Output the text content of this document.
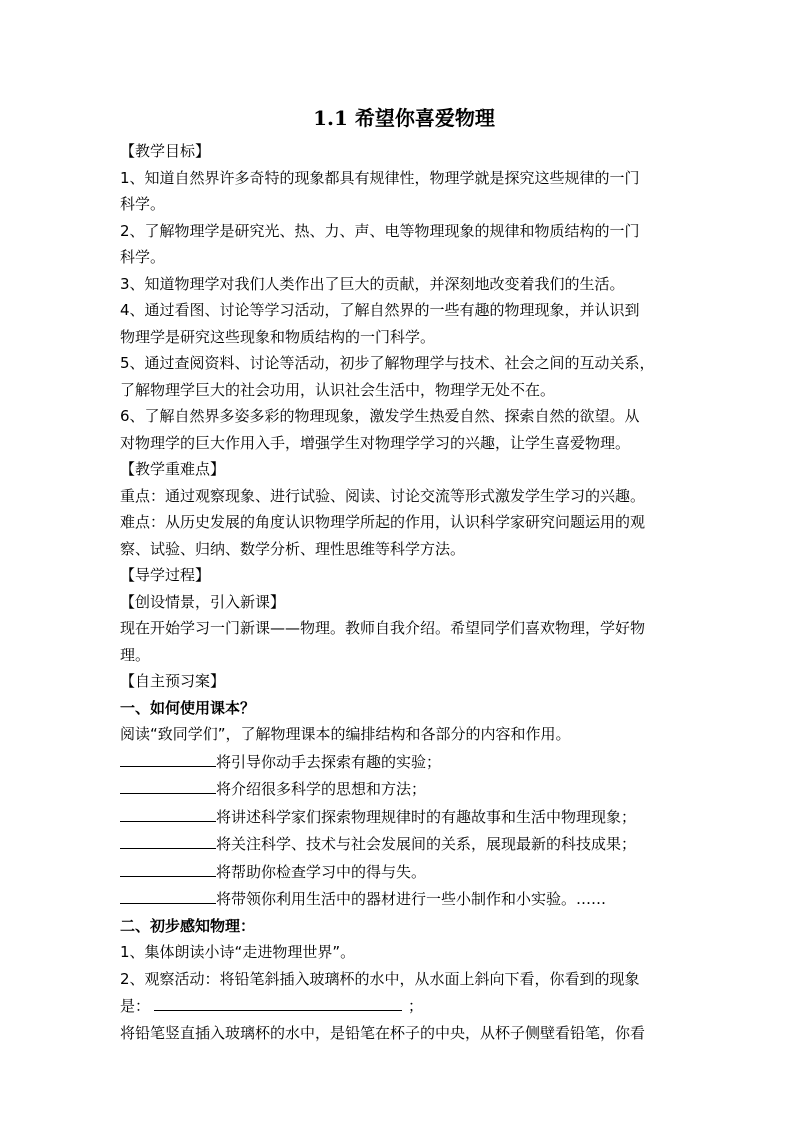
1.1 希望你喜爱物理

【教学目标】

1、知道自然界许多奇特的现象都具有规律性，物理学就是探究这些规律的一门

科学。

2、了解物理学是研究光、热、力、声、电等物理现象的规律和物质结构的一门

科学。

3、知道物理学对我们人类作出了巨大的贡献，并深刻地改变着我们的生活。

4、通过看图、讨论等学习活动，了解自然界的一些有趣的物理现象，并认识到

物理学是研究这些现象和物质结构的一门科学。

5、通过查阅资料、讨论等活动，初步了解物理学与技术、社会之间的互动关系，

了解物理学巨大的社会功用，认识社会生活中，物理学无处不在。

6、了解自然界多姿多彩的物理现象，激发学生热爱自然、探索自然的欲望。从

对物理学的巨大作用入手，增强学生对物理学学习的兴趣，让学生喜爱物理。

【教学重难点】

重点：通过观察现象、进行试验、阅读、讨论交流等形式激发学生学习的兴趣。

难点：从历史发展的角度认识物理学所起的作用，认识科学家研究问题运用的观

察、试验、归纳、数学分析、理性思维等科学方法。

【导学过程】

【创设情景，引入新课】

现在开始学习一门新课——物理。教师自我介绍。希望同学们喜欢物理，学好物

理。

【自主预习案】

一、如何使用课本？

阅读“致同学们”，了解物理课本的编排结构和各部分的内容和作用。

将引导你动手去探索有趣的实验；

将介绍很多科学的思想和方法；

将讲述科学家们探索物理规律时的有趣故事和生活中物理现象；

将关注科学、技术与社会发展间的关系，展现最新的科技成果；

将帮助你检查学习中的得与失。

将带领你利用生活中的器材进行一些小制作和小实验。……

二、初步感知物理：

1、集体朗读小诗“走进物理世界”。

2、观察活动：将铅笔斜插入玻璃杯的水中，从水面上斜向下看，你看到的现象

是：	；

将铅笔竖直插入玻璃杯的水中，是铅笔在杯子的中央，从杯子侧壁看铅笔，你看
